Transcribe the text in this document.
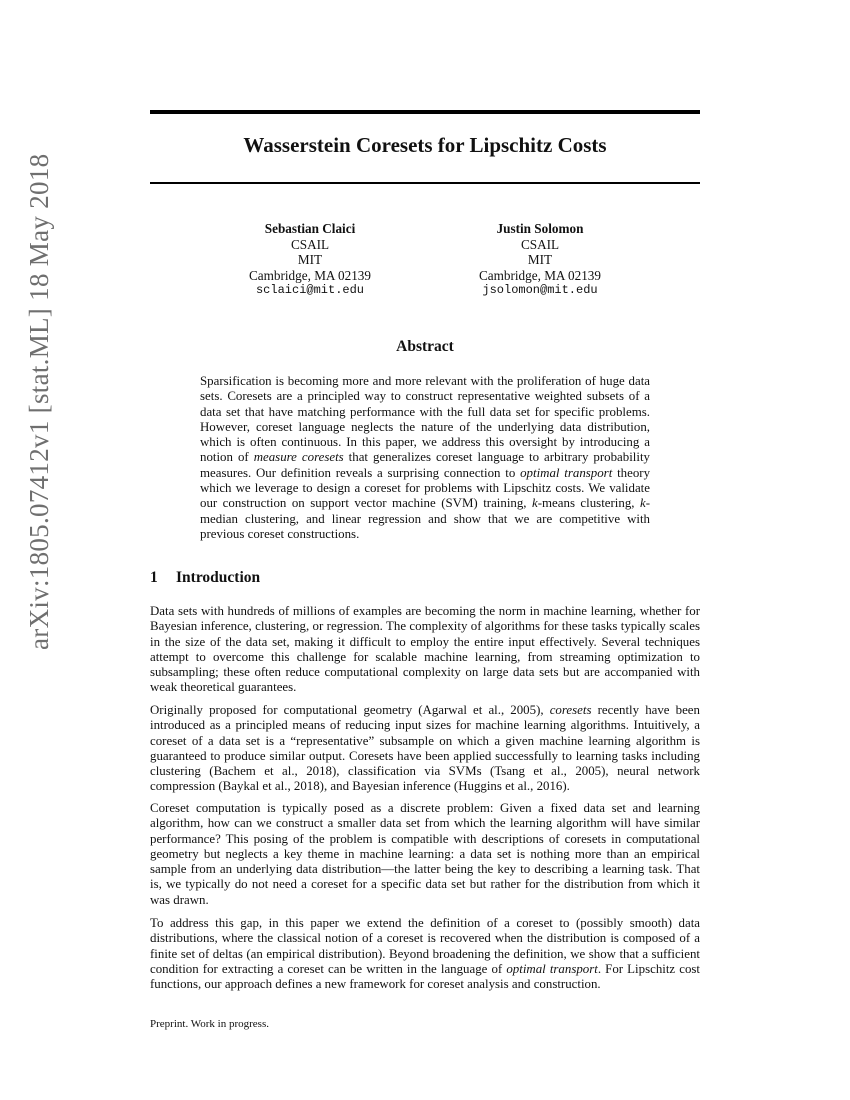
arXiv:1805.07412v1 [stat.ML] 18 May 2018
Wasserstein Coresets for Lipschitz Costs
Sebastian Claici
CSAIL
MIT
Cambridge, MA 02139
sclaici@mit.edu
Justin Solomon
CSAIL
MIT
Cambridge, MA 02139
jsolomon@mit.edu
Abstract
Sparsification is becoming more and more relevant with the proliferation of huge data sets. Coresets are a principled way to construct representative weighted subsets of a data set that have matching performance with the full data set for specific problems. However, coreset language neglects the nature of the underlying data distribution, which is often continuous. In this paper, we address this oversight by introducing a notion of measure coresets that generalizes coreset language to arbitrary probability measures. Our definition reveals a surprising connection to optimal transport theory which we leverage to design a coreset for problems with Lipschitz costs. We validate our construction on support vector machine (SVM) training, k-means clustering, k-median clustering, and linear regression and show that we are competitive with previous coreset constructions.
1 Introduction
Data sets with hundreds of millions of examples are becoming the norm in machine learning, whether for Bayesian inference, clustering, or regression. The complexity of algorithms for these tasks typically scales in the size of the data set, making it difficult to employ the entire input effectively. Several techniques attempt to overcome this challenge for scalable machine learning, from streaming optimization to subsampling; these often reduce computational complexity on large data sets but are accompanied with weak theoretical guarantees.
Originally proposed for computational geometry (Agarwal et al., 2005), coresets recently have been introduced as a principled means of reducing input sizes for machine learning algorithms. Intuitively, a coreset of a data set is a “representative” subsample on which a given machine learning algorithm is guaranteed to produce similar output. Coresets have been applied successfully to learning tasks including clustering (Bachem et al., 2018), classification via SVMs (Tsang et al., 2005), neural network compression (Baykal et al., 2018), and Bayesian inference (Huggins et al., 2016).
Coreset computation is typically posed as a discrete problem: Given a fixed data set and learning algorithm, how can we construct a smaller data set from which the learning algorithm will have similar performance? This posing of the problem is compatible with descriptions of coresets in computational geometry but neglects a key theme in machine learning: a data set is nothing more than an empirical sample from an underlying data distribution—the latter being the key to describing a learning task. That is, we typically do not need a coreset for a specific data set but rather for the distribution from which it was drawn.
To address this gap, in this paper we extend the definition of a coreset to (possibly smooth) data distributions, where the classical notion of a coreset is recovered when the distribution is composed of a finite set of deltas (an empirical distribution). Beyond broadening the definition, we show that a sufficient condition for extracting a coreset can be written in the language of optimal transport. For Lipschitz cost functions, our approach defines a new framework for coreset analysis and construction.
Preprint. Work in progress.
